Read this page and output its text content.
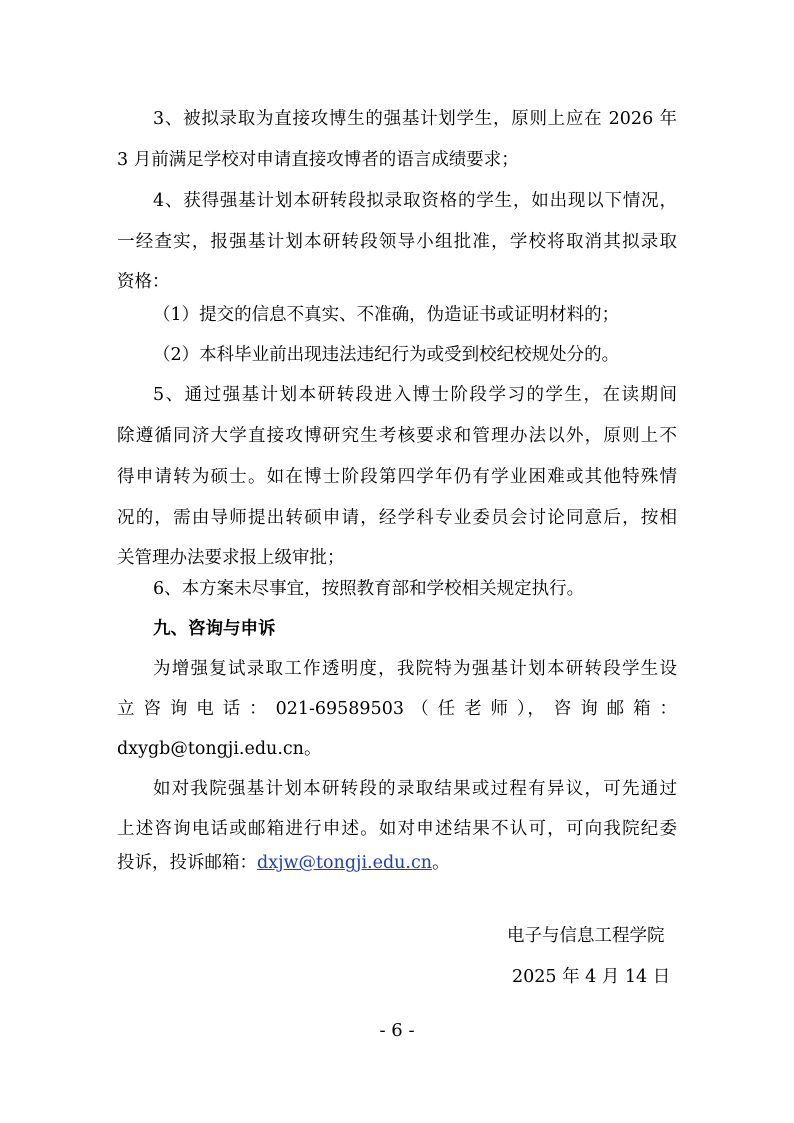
3、被拟录取为直接攻博生的强基计划学生，原则上应在 2026 年
3 月前满足学校对申请直接攻博者的语言成绩要求；
4、获得强基计划本研转段拟录取资格的学生，如出现以下情况，
一经查实，报强基计划本研转段领导小组批准，学校将取消其拟录取
资格：
（1）提交的信息不真实、不准确，伪造证书或证明材料的；
（2）本科毕业前出现违法违纪行为或受到校纪校规处分的。
5、通过强基计划本研转段进入博士阶段学习的学生，在读期间
除遵循同济大学直接攻博研究生考核要求和管理办法以外，原则上不
得申请转为硕士。如在博士阶段第四学年仍有学业困难或其他特殊情
况的，需由导师提出转硕申请，经学科专业委员会讨论同意后，按相
关管理办法要求报上级审批；
6、本方案未尽事宜，按照教育部和学校相关规定执行。
九、咨询与申诉
为增强复试录取工作透明度，我院特为强基计划本研转段学生设
立 咨 询 电 话 ： 021-69589503 （ 任 老 师 ）， 咨 询 邮 箱 ：
dxygb@tongji.edu.cn。
如对我院强基计划本研转段的录取结果或过程有异议，可先通过
上述咨询电话或邮箱进行申述。如对申述结果不认可，可向我院纪委
投诉，投诉邮箱：dxjw@tongji.edu.cn。
电子与信息工程学院
2025 年 4 月 14 日
- 6 -
